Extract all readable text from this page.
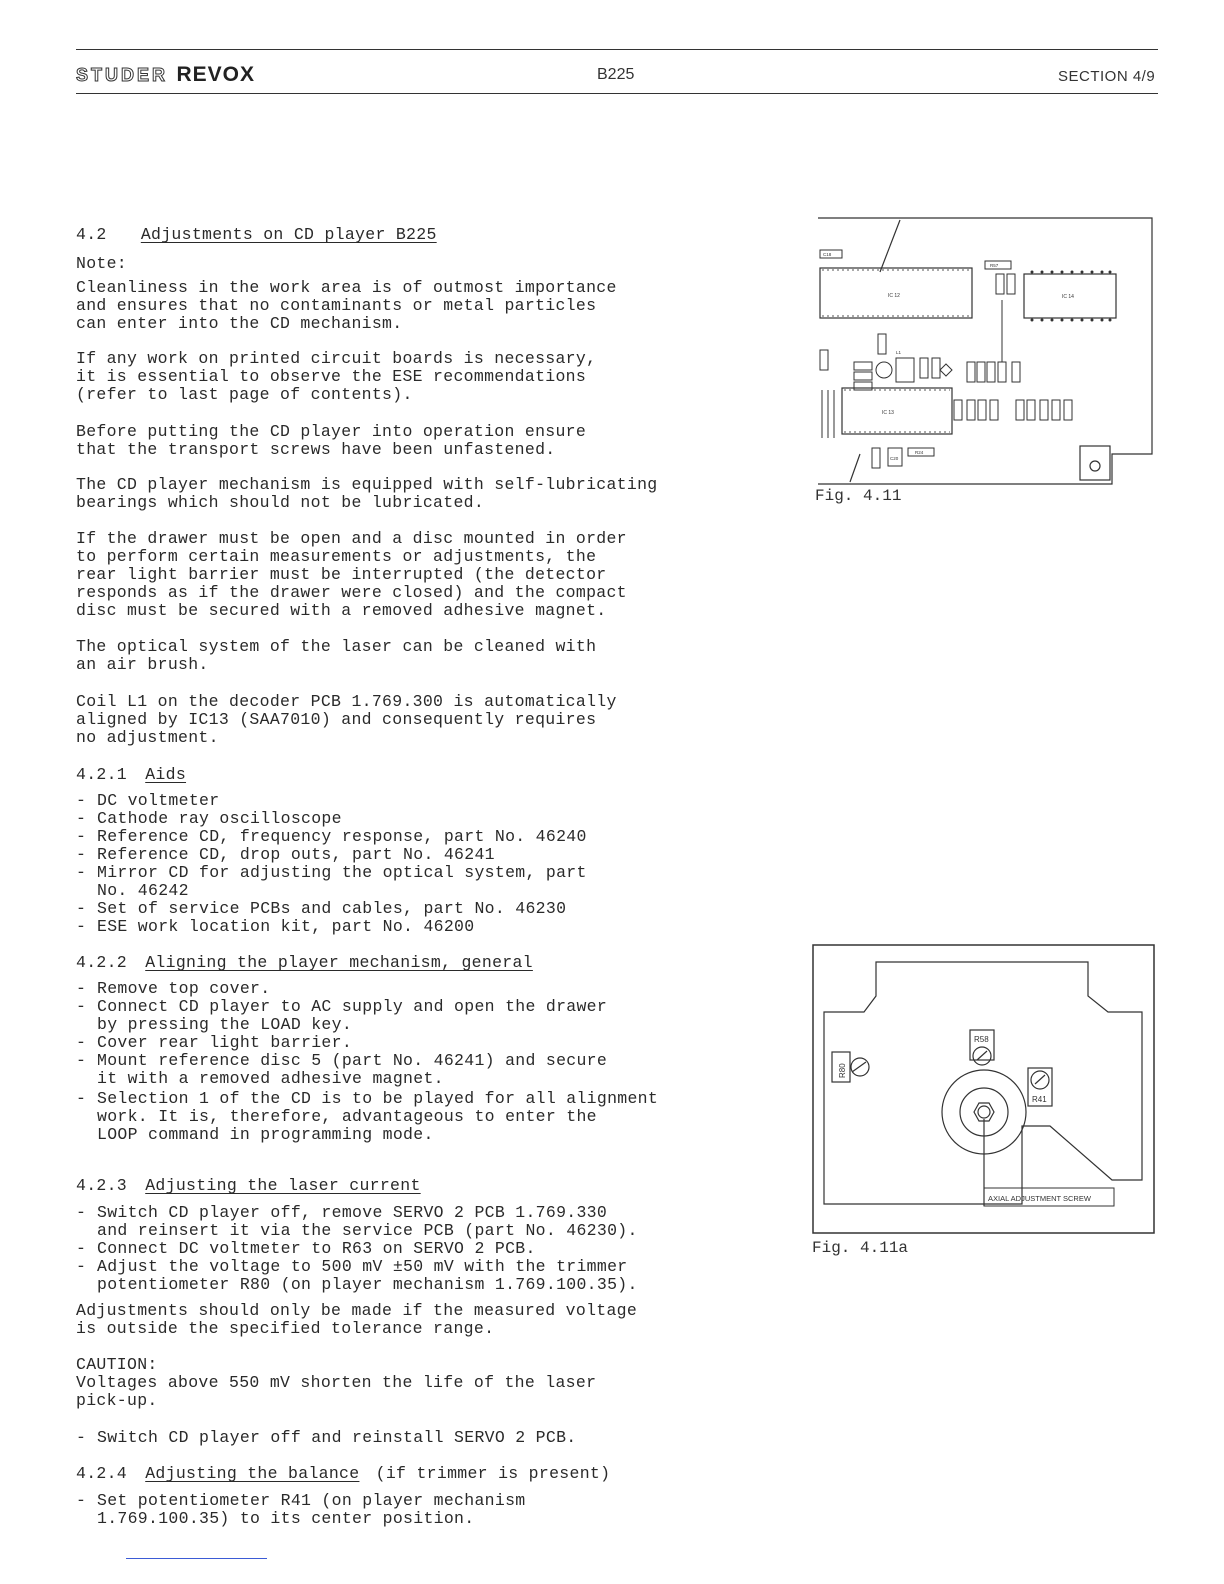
STUDER REVOX	B225	SECTION 4/9
4.2 Adjustments on CD player B225
Note:
Cleanliness in the work area is of outmost importance
and ensures that no contaminants or metal particles
can enter into the CD mechanism.
If any work on printed circuit boards is necessary,
it is essential to observe the ESE recommendations
(refer to last page of contents).
Before putting the CD player into operation ensure
that the transport screws have been unfastened.
The CD player mechanism is equipped with self-lubricating
bearings which should not be lubricated.
If the drawer must be open and a disc mounted in order
to perform certain measurements or adjustments, the
rear light barrier must be interrupted (the detector
responds as if the drawer were closed) and the compact
disc must be secured with a removed adhesive magnet.
The optical system of the laser can be cleaned with
an air brush.
Coil L1 on the decoder PCB 1.769.300 is automatically
aligned by IC13 (SAA7010) and consequently requires
no adjustment.
4.2.1 Aids
- DC voltmeter
- Cathode ray oscilloscope
- Reference CD, frequency response, part No. 46240
- Reference CD, drop outs, part No. 46241
- Mirror CD for adjusting the optical system, part
No. 46242
- Set of service PCBs and cables, part No. 46230
- ESE work location kit, part No. 46200
4.2.2 Aligning the player mechanism, general
- Remove top cover.
- Connect CD player to AC supply and open the drawer
by pressing the LOAD key.
- Cover rear light barrier.
- Mount reference disc 5 (part No. 46241) and secure
it with a removed adhesive magnet.
- Selection 1 of the CD is to be played for all alignment
work. It is, therefore, advantageous to enter the
LOOP command in programming mode.
4.2.3 Adjusting the laser current
- Switch CD player off, remove SERVO 2 PCB 1.769.330
and reinsert it via the service PCB (part No. 46230).
- Connect DC voltmeter to R63 on SERVO 2 PCB.
- Adjust the voltage to 500 mV ±50 mV with the trimmer
potentiometer R80 (on player mechanism 1.769.100.35).
Adjustments should only be made if the measured voltage
is outside the specified tolerance range.
CAUTION:
Voltages above 550 mV shorten the life of the laser
pick-up.
- Switch CD player off and reinstall SERVO 2 PCB.
4.2.4 Adjusting the balance (if trimmer is present)
- Set potentiometer R41 (on player mechanism
1.769.100.35) to its center position.
IC 12	IC 14
IC 13
C18
R57
R24
L1
C20
Fig. 4.11
R58
R80
R41
AXIAL ADJUSTMENT SCREW
Fig. 4.11a
